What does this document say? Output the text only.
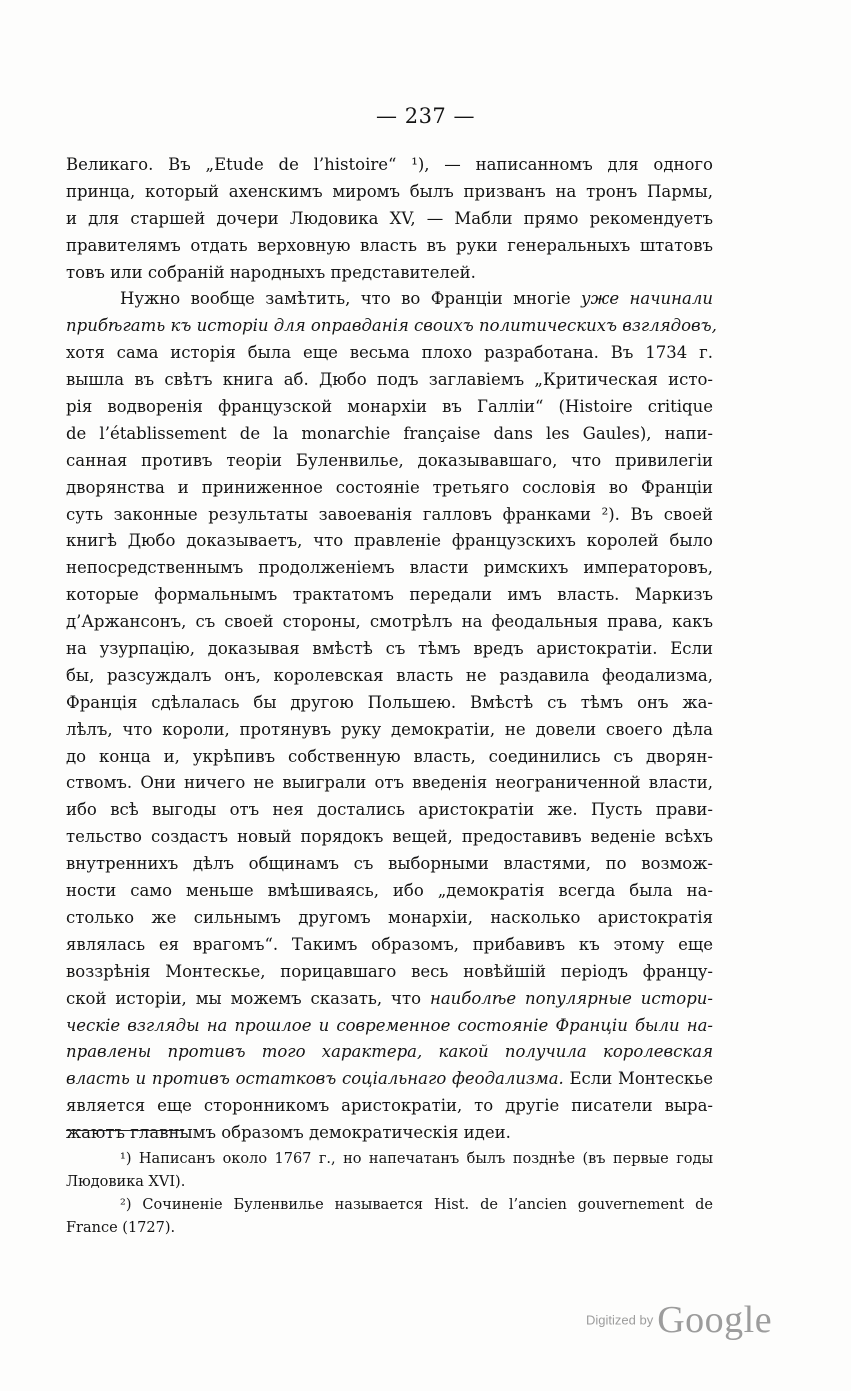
— 237 —
Великаго. Въ „Etude de l’histoire“ ¹), — написанномъ для одного
принца, который ахенскимъ миромъ былъ призванъ на тронъ Пармы,
и для старшей дочери Людовика XV, — Мабли прямо рекомендуетъ
правителямъ отдать верховную власть въ руки генеральныхъ штатовъ
товъ или собраній народныхъ представителей.
Нужно вообще замѣтить, что во Франціи многіе уже начинали
прибѣгать къ исторіи для оправданія своихъ политическихъ взглядовъ,
хотя сама исторія была еще весьма плохо разработана. Въ 1734 г.
вышла въ свѣтъ книга аб. Дюбо подъ заглавіемъ „Критическая исто-
рія водворенія французской монархіи въ Галліи“ (Histoire critique
de l’établissement de la monarchie française dans les Gaules), напи-
санная противъ теоріи Буленвилье, доказывавшаго, что привилегіи
дворянства и приниженное состояніе третьяго сословія во Франціи
суть законные результаты завоеванія галловъ франками ²). Въ своей
книгѣ Дюбо доказываетъ, что правленіе французскихъ королей было
непосредственнымъ продолженіемъ власти римскихъ императоровъ,
которые формальнымъ трактатомъ передали имъ власть. Маркизъ
д’Аржансонъ, съ своей стороны, смотрѣлъ на феодальныя права, какъ
на узурпацію, доказывая вмѣстѣ съ тѣмъ вредъ аристократіи. Если
бы, разсуждалъ онъ, королевская власть не раздавила феодализма,
Франція сдѣлалась бы другою Польшею. Вмѣстѣ съ тѣмъ онъ жа-
лѣлъ, что короли, протянувъ руку демократіи, не довели своего дѣла
до конца и, укрѣпивъ собственную власть, соединились съ дворян-
ствомъ. Они ничего не выиграли отъ введенія неограниченной власти,
ибо всѣ выгоды отъ нея достались аристократіи же. Пусть прави-
тельство создастъ новый порядокъ вещей, предоставивъ веденіе всѣхъ
внутреннихъ дѣлъ общинамъ съ выборными властями, по возмож-
ности само меньше вмѣшиваясь, ибо „демократія всегда была на-
столько же сильнымъ другомъ монархіи, насколько аристократія
являлась ея врагомъ“. Такимъ образомъ, прибавивъ къ этому еще
воззрѣнія Монтескье, порицавшаго весь новѣйшій періодъ францу-
ской исторіи, мы можемъ сказать, что наиболѣе популярные истори-
ческіе взгляды на прошлое и современное состояніе Франціи были на-
правлены противъ того характера, какой получила королевская
власть и противъ остатковъ соціальнаго феодализма. Если Монтескье
является еще сторонникомъ аристократіи, то другіе писатели выра-
жаютъ главнымъ образомъ демократическія идеи.
¹) Написанъ около 1767 г., но напечатанъ былъ позднѣе (въ первые годы
Людовика XVI).
²) Сочиненіе Буленвилье называется Hist. de l’ancien gouvernement de
France (1727).
Digitized by Google
